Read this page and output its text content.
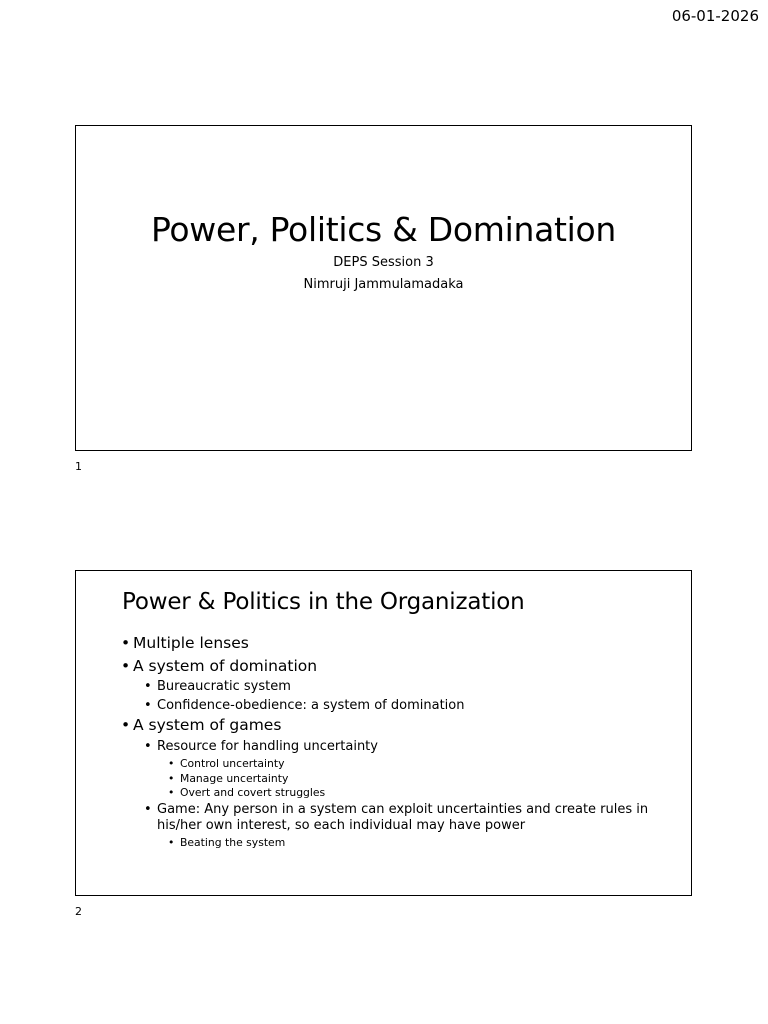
06-01-2026
Power, Politics & Domination
DEPS Session 3
Nimruji Jammulamadaka
1
Power & Politics in the Organization
• Multiple lenses
• A system of domination
• Bureaucratic system
• Confidence-obedience: a system of domination
• A system of games
• Resource for handling uncertainty
• Control uncertainty
• Manage uncertainty
• Overt and covert struggles
• Game: Any person in a system can exploit uncertainties and create rules in his/her own interest, so each individual may have power
• Beating the system
2
